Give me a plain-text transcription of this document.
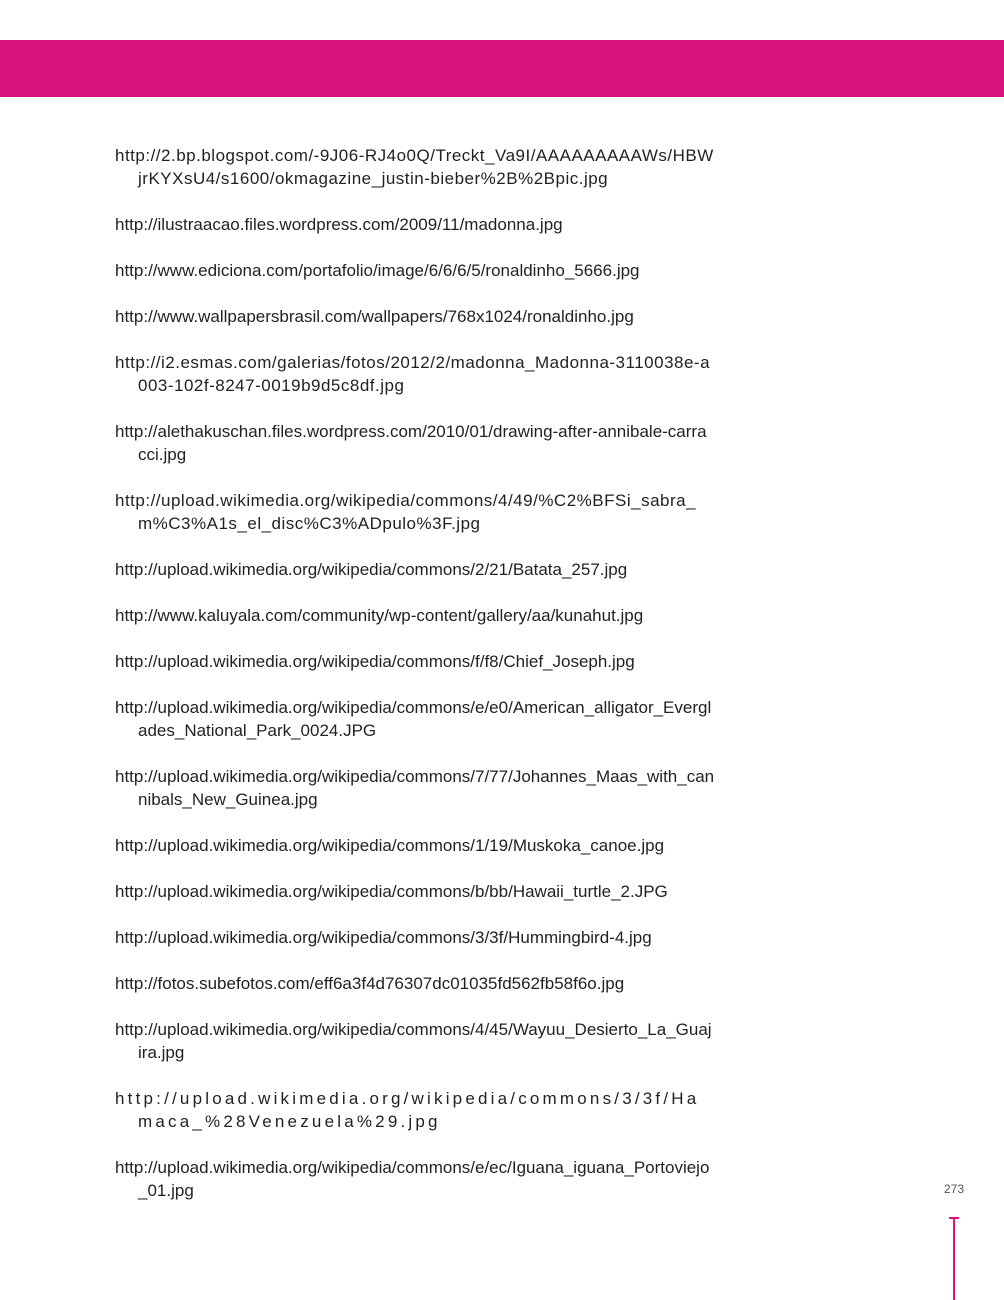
http://2.bp.blogspot.com/-9J06-RJ4o0Q/Treckt_Va9I/AAAAAAAAAWs/HBWjrKYXsU4/s1600/okmagazine_justin-bieber%2B%2Bpic.jpg
http://ilustraacao.files.wordpress.com/2009/11/madonna.jpg
http://www.ediciona.com/portafolio/image/6/6/6/5/ronaldinho_5666.jpg
http://www.wallpapersbrasil.com/wallpapers/768x1024/ronaldinho.jpg
http://i2.esmas.com/galerias/fotos/2012/2/madonna_Madonna-3110038e-a003-102f-8247-0019b9d5c8df.jpg
http://alethakuschan.files.wordpress.com/2010/01/drawing-after-annibale-carracci.jpg
http://upload.wikimedia.org/wikipedia/commons/4/49/%C2%BFSi_sabra_m%C3%A1s_el_disc%C3%ADpulo%3F.jpg
http://upload.wikimedia.org/wikipedia/commons/2/21/Batata_257.jpg
http://www.kaluyala.com/community/wp-content/gallery/aa/kunahut.jpg
http://upload.wikimedia.org/wikipedia/commons/f/f8/Chief_Joseph.jpg
http://upload.wikimedia.org/wikipedia/commons/e/e0/American_alligator_Everglades_National_Park_0024.JPG
http://upload.wikimedia.org/wikipedia/commons/7/77/Johannes_Maas_with_cannibals_New_Guinea.jpg
http://upload.wikimedia.org/wikipedia/commons/1/19/Muskoka_canoe.jpg
http://upload.wikimedia.org/wikipedia/commons/b/bb/Hawaii_turtle_2.JPG
http://upload.wikimedia.org/wikipedia/commons/3/3f/Hummingbird-4.jpg
http://fotos.subefotos.com/eff6a3f4d76307dc01035fd562fb58f6o.jpg
http://upload.wikimedia.org/wikipedia/commons/4/45/Wayuu_Desierto_La_Guajira.jpg
http://upload.wikimedia.org/wikipedia/commons/3/3f/Hamaca_%28Venezuela%29.jpg
http://upload.wikimedia.org/wikipedia/commons/e/ec/Iguana_iguana_Portoviejo_01.jpg	273
